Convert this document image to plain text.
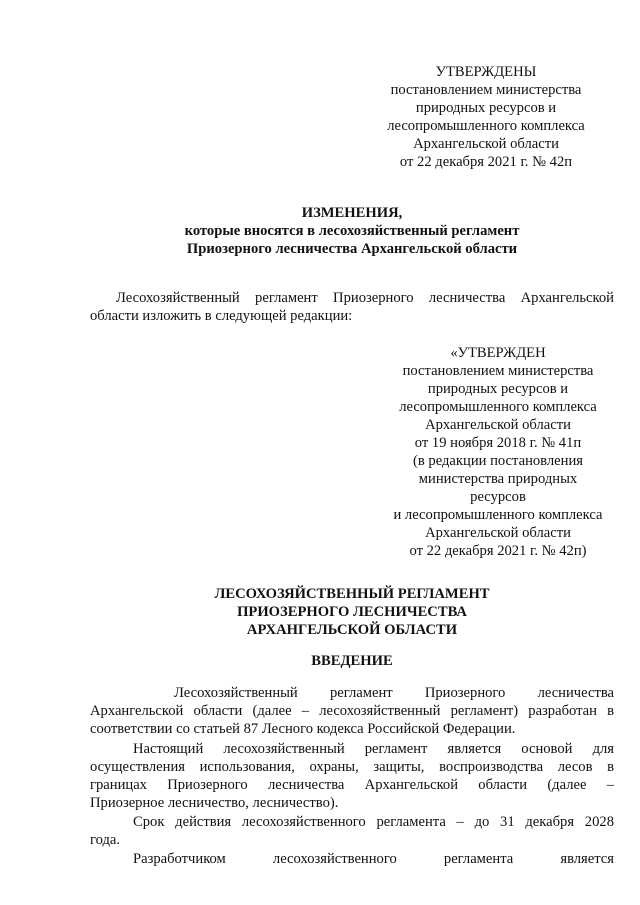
УТВЕРЖДЕНЫ
постановлением министерства
природных ресурсов и
лесопромышленного комплекса
Архангельской области
от 22 декабря 2021 г. № 42п
ИЗМЕНЕНИЯ,
которые вносятся в лесохозяйственный регламент
Приозерного лесничества Архангельской области
Лесохозяйственный регламент Приозерного лесничества Архангельской
области изложить в следующей редакции:
«УТВЕРЖДЕН
постановлением министерства
природных ресурсов и
лесопромышленного комплекса
Архангельской области
от 19 ноября 2018 г. № 41п
(в редакции постановления
министерства природных
ресурсов
и лесопромышленного комплекса
Архангельской области
от 22 декабря 2021 г. № 42п)
ЛЕСОХОЗЯЙСТВЕННЫЙ РЕГЛАМЕНТ
ПРИОЗЕРНОГО ЛЕСНИЧЕСТВА
АРХАНГЕЛЬСКОЙ ОБЛАСТИ
ВВЕДЕНИЕ
Лесохозяйственный регламент Приозерного лесничества
Архангельской области (далее – лесохозяйственный регламент) разработан в
соответствии со статьей 87 Лесного кодекса Российской Федерации.
Настоящий лесохозяйственный регламент является основой для
осуществления использования, охраны, защиты, воспроизводства лесов в
границах Приозерного лесничества Архангельской области (далее –
Приозерное лесничество, лесничество).
Срок действия лесохозяйственного регламента – до 31 декабря 2028
года.
Разработчиком лесохозяйственного регламента является
